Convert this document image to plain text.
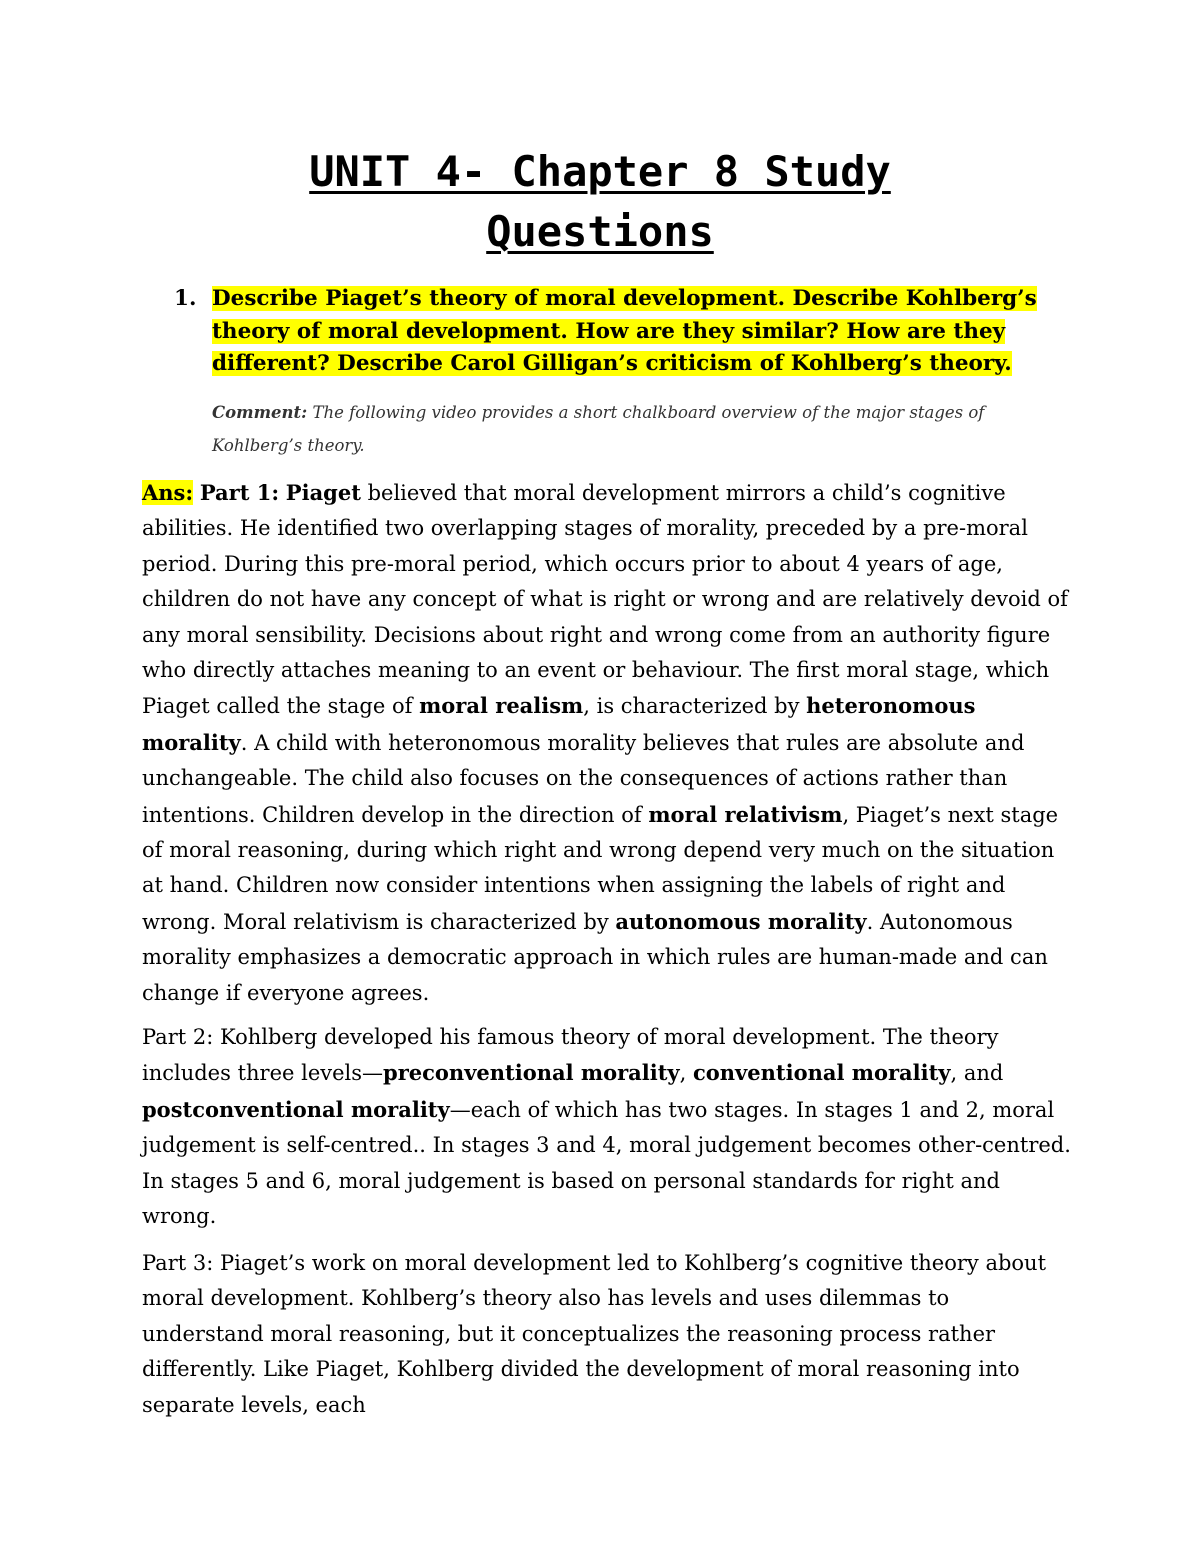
UNIT 4- Chapter 8 Study Questions
1. Describe Piaget’s theory of moral development. Describe Kohlberg’s theory of moral development. How are they similar? How are they different? Describe Carol Gilligan’s criticism of Kohlberg’s theory.

Comment: The following video provides a short chalkboard overview of the major stages of Kohlberg’s theory.

Ans: Part 1: Piaget believed that moral development mirrors a child’s cognitive abilities. He identified two overlapping stages of morality, preceded by a pre-moral period. During this pre-moral period, which occurs prior to about 4 years of age, children do not have any concept of what is right or wrong and are relatively devoid of any moral sensibility. Decisions about right and wrong come from an authority figure who directly attaches meaning to an event or behaviour. The first moral stage, which Piaget called the stage of moral realism, is characterized by heteronomous morality. A child with heteronomous morality believes that rules are absolute and unchangeable. The child also focuses on the consequences of actions rather than intentions. Children develop in the direction of moral relativism, Piaget’s next stage of moral reasoning, during which right and wrong depend very much on the situation at hand. Children now consider intentions when assigning the labels of right and wrong. Moral relativism is characterized by autonomous morality. Autonomous morality emphasizes a democratic approach in which rules are human-made and can change if everyone agrees.

Part 2: Kohlberg developed his famous theory of moral development. The theory includes three levels—preconventional morality, conventional morality, and postconventional morality—each of which has two stages. In stages 1 and 2, moral judgement is self-centred.. In stages 3 and 4, moral judgement becomes other-centred. In stages 5 and 6, moral judgement is based on personal standards for right and wrong.

Part 3: Piaget’s work on moral development led to Kohlberg’s cognitive theory about moral development. Kohlberg’s theory also has levels and uses dilemmas to understand moral reasoning, but it conceptualizes the reasoning process rather differently. Like Piaget, Kohlberg divided the development of moral reasoning into separate levels, each
